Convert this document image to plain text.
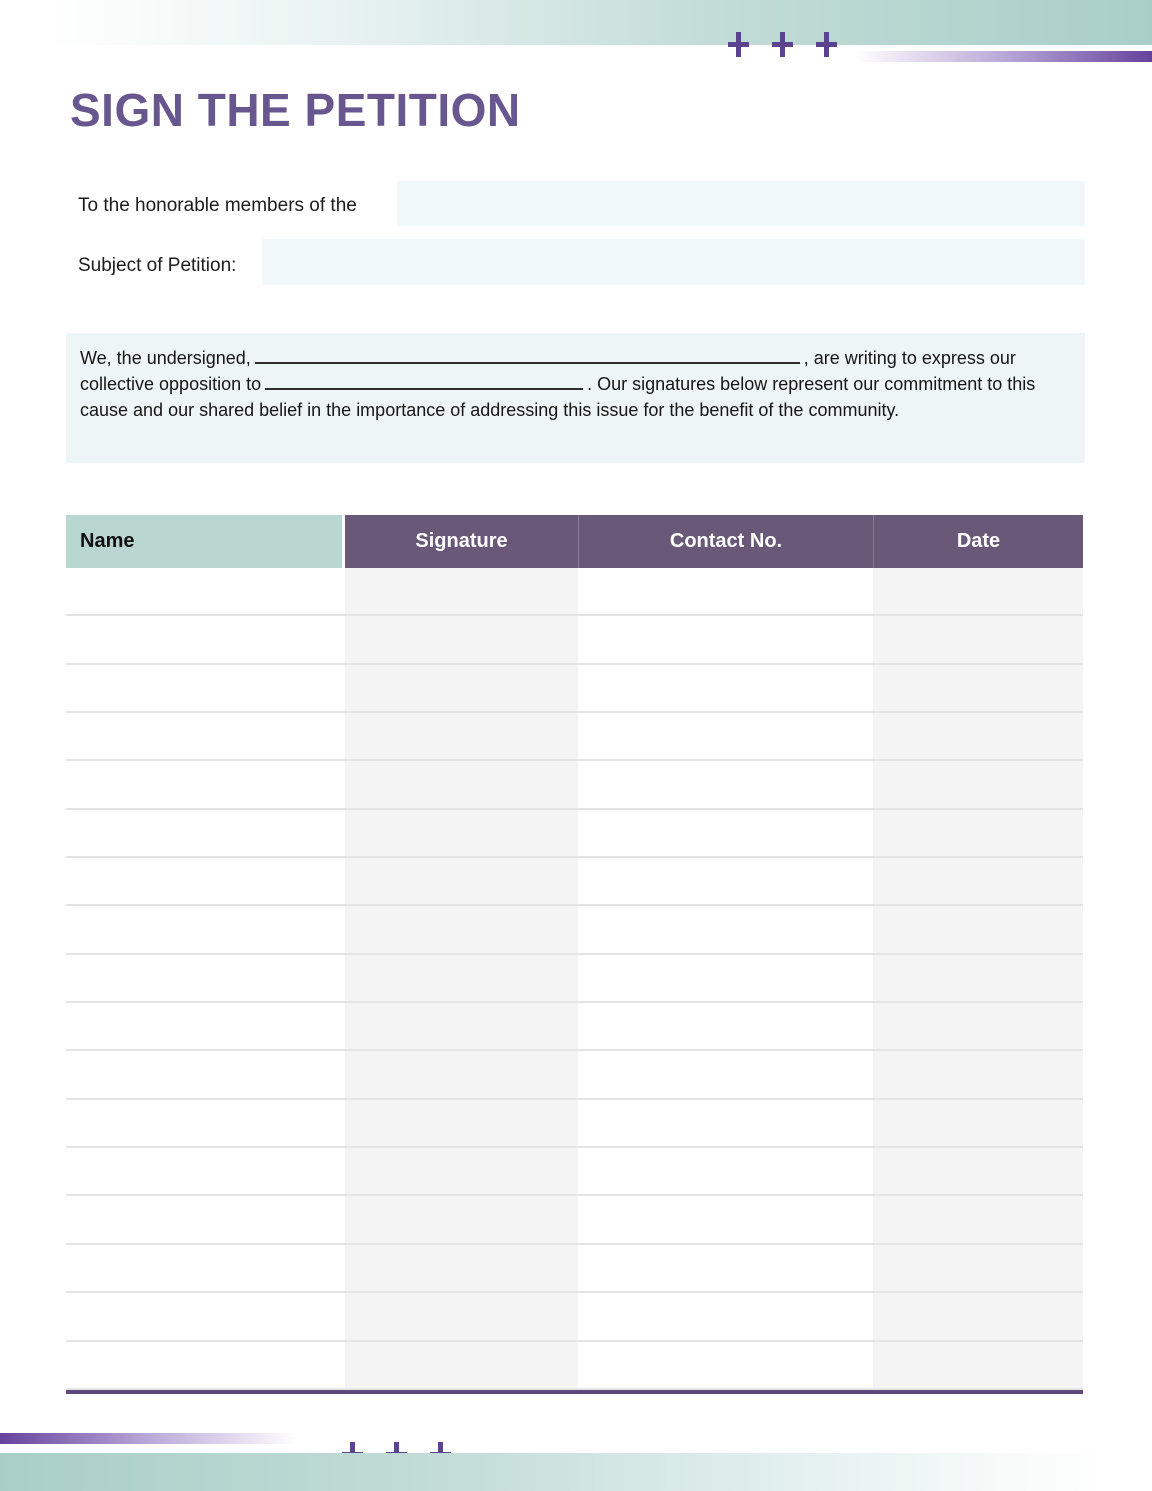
SIGN THE PETITION
To the honorable members of the
Subject of Petition:
We, the undersigned,	, are writing to express our collective opposition to	. Our signatures below represent our commitment to this cause and our shared belief in the importance of addressing this issue for the benefit of the community.
Name	Signature	Contact No.	Date
